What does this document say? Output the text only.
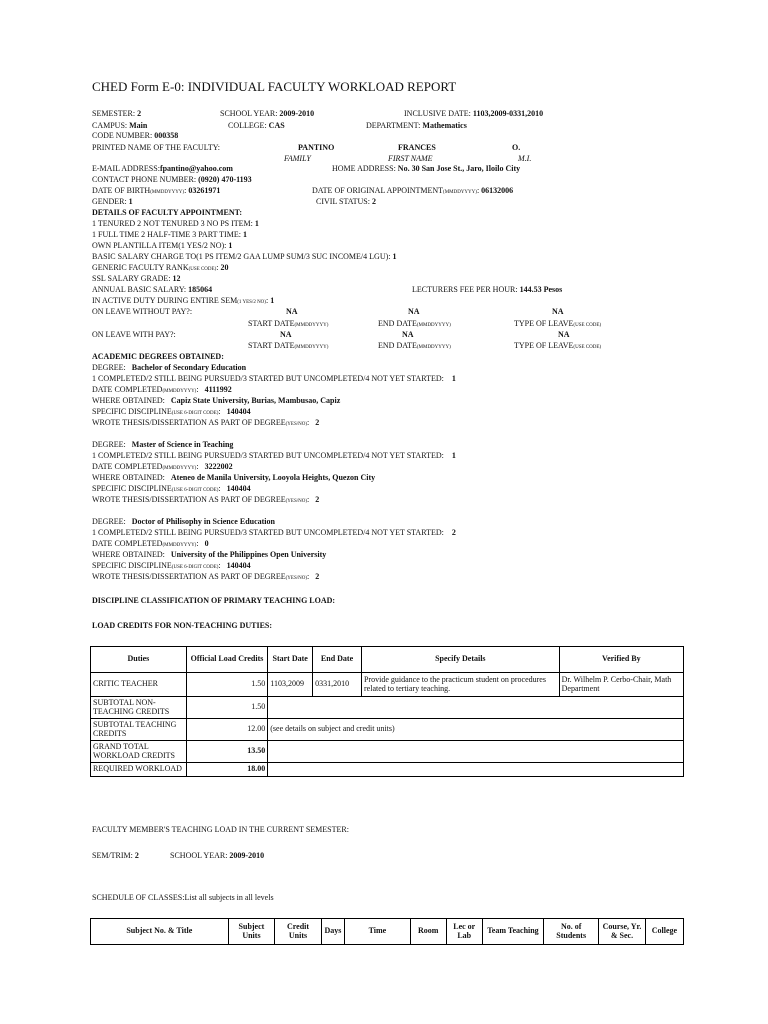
CHED Form E-0: INDIVIDUAL FACULTY WORKLOAD REPORT
SEMESTER: 2	SCHOOL YEAR: 2009-2010	INCLUSIVE DATE: 1103,2009-0331,2010
CAMPUS: Main	COLLEGE: CAS	DEPARTMENT: Mathematics
CODE NUMBER: 000358
PRINTED NAME OF THE FACULTY:	PANTINO	FRANCES	O.
FAMILY	FIRST NAME	M.I.
E-MAIL ADDRESS:fpantino@yahoo.com	HOME ADDRESS: No. 30 San Jose St., Jaro, Iloilo City
CONTACT PHONE NUMBER: (0920) 470-1193
DATE OF BIRTH(MMDDYYYY): 03261971	DATE OF ORIGINAL APPOINTMENT(MMDDYYYY): 06132006
GENDER: 1	CIVIL STATUS: 2
DETAILS OF FACULTY APPOINTMENT:
1 TENURED 2 NOT TENURED 3 NO PS ITEM: 1
1 FULL TIME 2 HALF-TIME 3 PART TIME: 1
OWN PLANTILLA ITEM(1 YES/2 NO): 1
BASIC SALARY CHARGE TO(1 PS ITEM/2 GAA LUMP SUM/3 SUC INCOME/4 LGU): 1
GENERIC FACULTY RANK(USE CODE): 20
SSL SALARY GRADE: 12
ANNUAL BASIC SALARY: 185064	LECTURERS FEE PER HOUR: 144.53 Pesos
IN ACTIVE DUTY DURING ENTIRE SEM(1 YES/2 NO): 1
ON LEAVE WITHOUT PAY?:	NA	NA	NA
START DATE(MMDDYYYY)	END DATE(MMDDYYYY)	TYPE OF LEAVE(USE CODE)
ON LEAVE WITH PAY?:	NA	NA	NA
START DATE(MMDDYYYY)	END DATE(MMDDYYYY)	TYPE OF LEAVE(USE CODE)
ACADEMIC DEGREES OBTAINED:
DEGREE: Bachelor of Secondary Education
1 COMPLETED/2 STILL BEING PURSUED/3 STARTED BUT UNCOMPLETED/4 NOT YET STARTED: 1
DATE COMPLETED(MMDDYYYY):   4111992
WHERE OBTAINED: Capiz State University, Burias, Mambusao, Capiz
SPECIFIC DISCIPLINE(USE 6-DIGIT CODE):   140404
WROTE THESIS/DISSERTATION AS PART OF DEGREE(YES/NO):   2
DEGREE: Master of Science in Teaching
1 COMPLETED/2 STILL BEING PURSUED/3 STARTED BUT UNCOMPLETED/4 NOT YET STARTED: 1
DATE COMPLETED(MMDDYYYY):   3222002
WHERE OBTAINED: Ateneo de Manila University, Looyola Heights, Quezon City
SPECIFIC DISCIPLINE(USE 6-DIGIT CODE):   140404
WROTE THESIS/DISSERTATION AS PART OF DEGREE(YES/NO):   2
DEGREE: Doctor of Philisophy in Science Education
1 COMPLETED/2 STILL BEING PURSUED/3 STARTED BUT UNCOMPLETED/4 NOT YET STARTED: 2
DATE COMPLETED(MMDDYYYY):   0
WHERE OBTAINED: University of the Philippines Open University
SPECIFIC DISCIPLINE(USE 6-DIGIT CODE):   140404
WROTE THESIS/DISSERTATION AS PART OF DEGREE(YES/NO):   2
DISCIPLINE CLASSIFICATION OF PRIMARY TEACHING LOAD:
LOAD CREDITS FOR NON-TEACHING DUTIES:
Duties	Official Load Credits	Start Date	End Date	Specify Details	Verified By
CRITIC TEACHER	1.50	1103,2009	0331,2010	Provide guidance to the practicum student on procedures related to tertiary teaching.	Dr. Wilhelm P. Cerbo-Chair, Math Department
SUBTOTAL NON-TEACHING CREDITS	1.50				
SUBTOTAL TEACHING CREDITS	12.00	(see details on subject and credit units)			
GRAND TOTAL WORKLOAD CREDITS	13.50				
REQUIRED WORKLOAD	18.00				
FACULTY MEMBER'S TEACHING LOAD IN THE CURRENT SEMESTER:
SEM/TRIM: 2	SCHOOL YEAR: 2009-2010
SCHEDULE OF CLASSES:List all subjects in all levels
Subject No. & Title	Subject Units	Credit Units	Days	Time	Room	Lec or Lab	Team Teaching	No. of Students	Course, Yr. & Sec.	College
